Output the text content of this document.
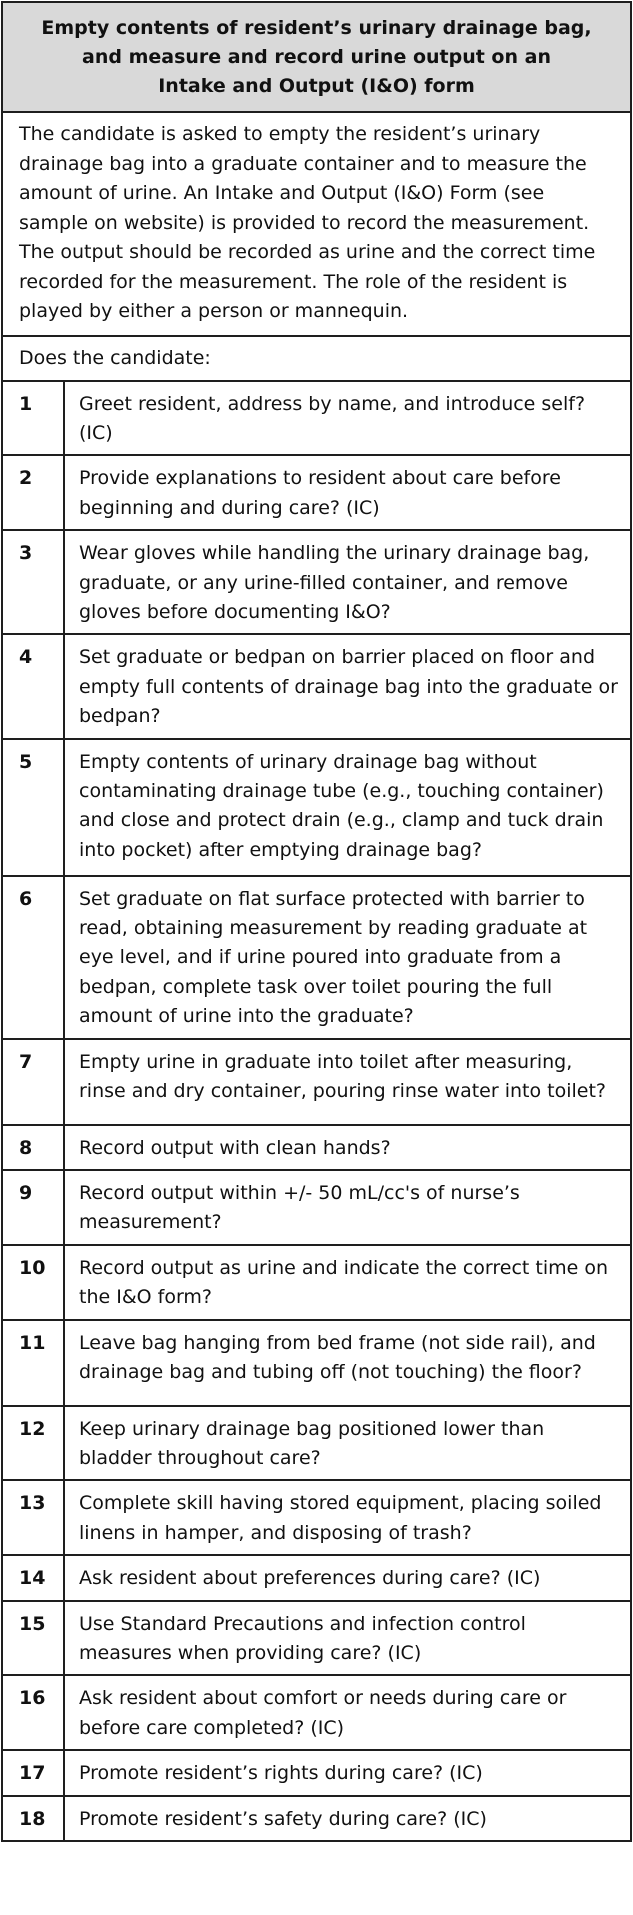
Empty contents of resident’s urinary drainage bag,
and measure and record urine output on an
Intake and Output (I&O) form	

The candidate is asked to empty the resident’s urinary drainage bag into a graduate container and to measure the amount of urine. An Intake and Output (I&O) Form (see sample on website) is provided to record the measurement. The output should be recorded as urine and the correct time recorded for the measurement. The role of the resident is played by either a person or mannequin.	
Does the candidate:	
1	Greet resident, address by name, and introduce self? (IC)
2	Provide explanations to resident about care before beginning and during care? (IC)
3	Wear gloves while handling the urinary drainage bag, graduate, or any urine-filled container, and remove gloves before documenting I&O?
4	Set graduate or bedpan on barrier placed on floor and empty full contents of drainage bag into the graduate or bedpan?
5	Empty contents of urinary drainage bag without contaminating drainage tube (e.g., touching container) and close and protect drain (e.g., clamp and tuck drain into pocket) after emptying drainage bag?
6	Set graduate on flat surface protected with barrier to read, obtaining measurement by reading graduate at eye level, and if urine poured into graduate from a bedpan, complete task over toilet pouring the full amount of urine into the graduate?
7	Empty urine in graduate into toilet after measuring, rinse and dry container, pouring rinse water into toilet?
8	Record output with clean hands?
9	Record output within +/- 50 mL/cc's of nurse’s measurement?
10	Record output as urine and indicate the correct time on the I&O form?
11	Leave bag hanging from bed frame (not side rail), and drainage bag and tubing off (not touching) the floor?
12	Keep urinary drainage bag positioned lower than bladder throughout care?
13	Complete skill having stored equipment, placing soiled linens in hamper, and disposing of trash?
14	Ask resident about preferences during care? (IC)
15	Use Standard Precautions and infection control measures when providing care? (IC)
16	Ask resident about comfort or needs during care or before care completed? (IC)
17	Promote resident’s rights during care? (IC)
18	Promote resident’s safety during care? (IC)
